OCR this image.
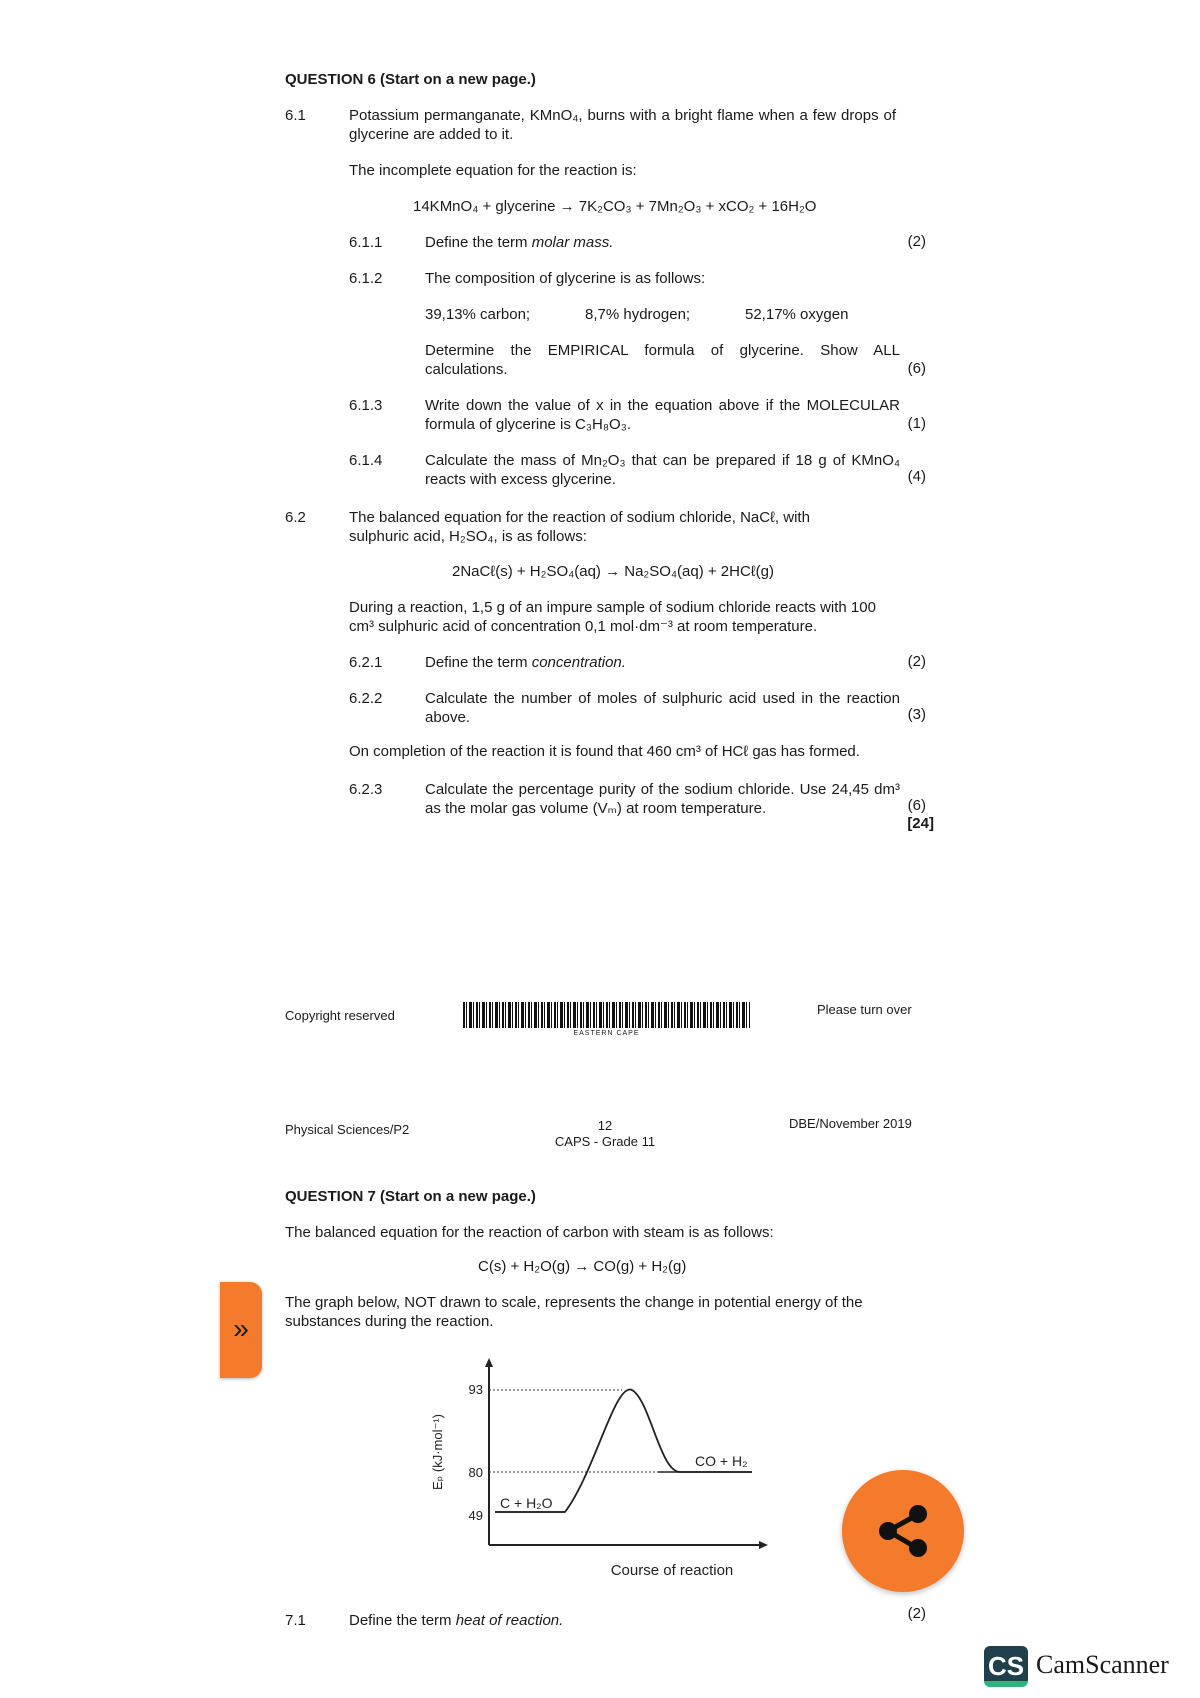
QUESTION 6 (Start on a new page.)
6.1	Potassium permanganate, KMnO₄, burns with a bright flame when a few drops of glycerine are added to it.
The incomplete equation for the reaction is:
14KMnO₄ + glycerine → 7K₂CO₃ + 7Mn₂O₃ + xCO₂ + 16H₂O
6.1.1	Define the term molar mass.	(2)
6.1.2	The composition of glycerine is as follows:
39,13% carbon;	8,7% hydrogen;	52,17% oxygen
Determine the EMPIRICAL formula of glycerine. Show ALL calculations.	(6)
6.1.3	Write down the value of x in the equation above if the MOLECULAR formula of glycerine is C₃H₈O₃.	(1)
6.1.4	Calculate the mass of Mn₂O₃ that can be prepared if 18 g of KMnO₄ reacts with excess glycerine.	(4)
6.2	The balanced equation for the reaction of sodium chloride, NaCℓ, with sulphuric acid, H₂SO₄, is as follows:
2NaCℓ(s) + H₂SO₄(aq) → Na₂SO₄(aq) + 2HCℓ(g)
During a reaction, 1,5 g of an impure sample of sodium chloride reacts with 100 cm³ sulphuric acid of concentration 0,1 mol·dm⁻³ at room temperature.
6.2.1	Define the term concentration.	(2)
6.2.2	Calculate the number of moles of sulphuric acid used in the reaction above.	(3)
On completion of the reaction it is found that 460 cm³ of HCℓ gas has formed.
6.2.3	Calculate the percentage purity of the sodium chloride. Use 24,45 dm³ as the molar gas volume (Vₘ) at room temperature.	(6)
[24]
Copyright reserved
EASTERN CAPE
Please turn over
Physical Sciences/P2	12
CAPS - Grade 11
DBE/November 2019
QUESTION 7 (Start on a new page.)
The balanced equation for the reaction of carbon with steam is as follows:
C(s) + H₂O(g) → CO(g) + H₂(g)
The graph below, NOT drawn to scale, represents the change in potential energy of the substances during the reaction.
93
80
49
C + H₂O
CO + H₂
Eₚ (kJ·mol⁻¹)
Course of reaction
7.1	Define the term heat of reaction.	(2)
»
CS CamScanner
